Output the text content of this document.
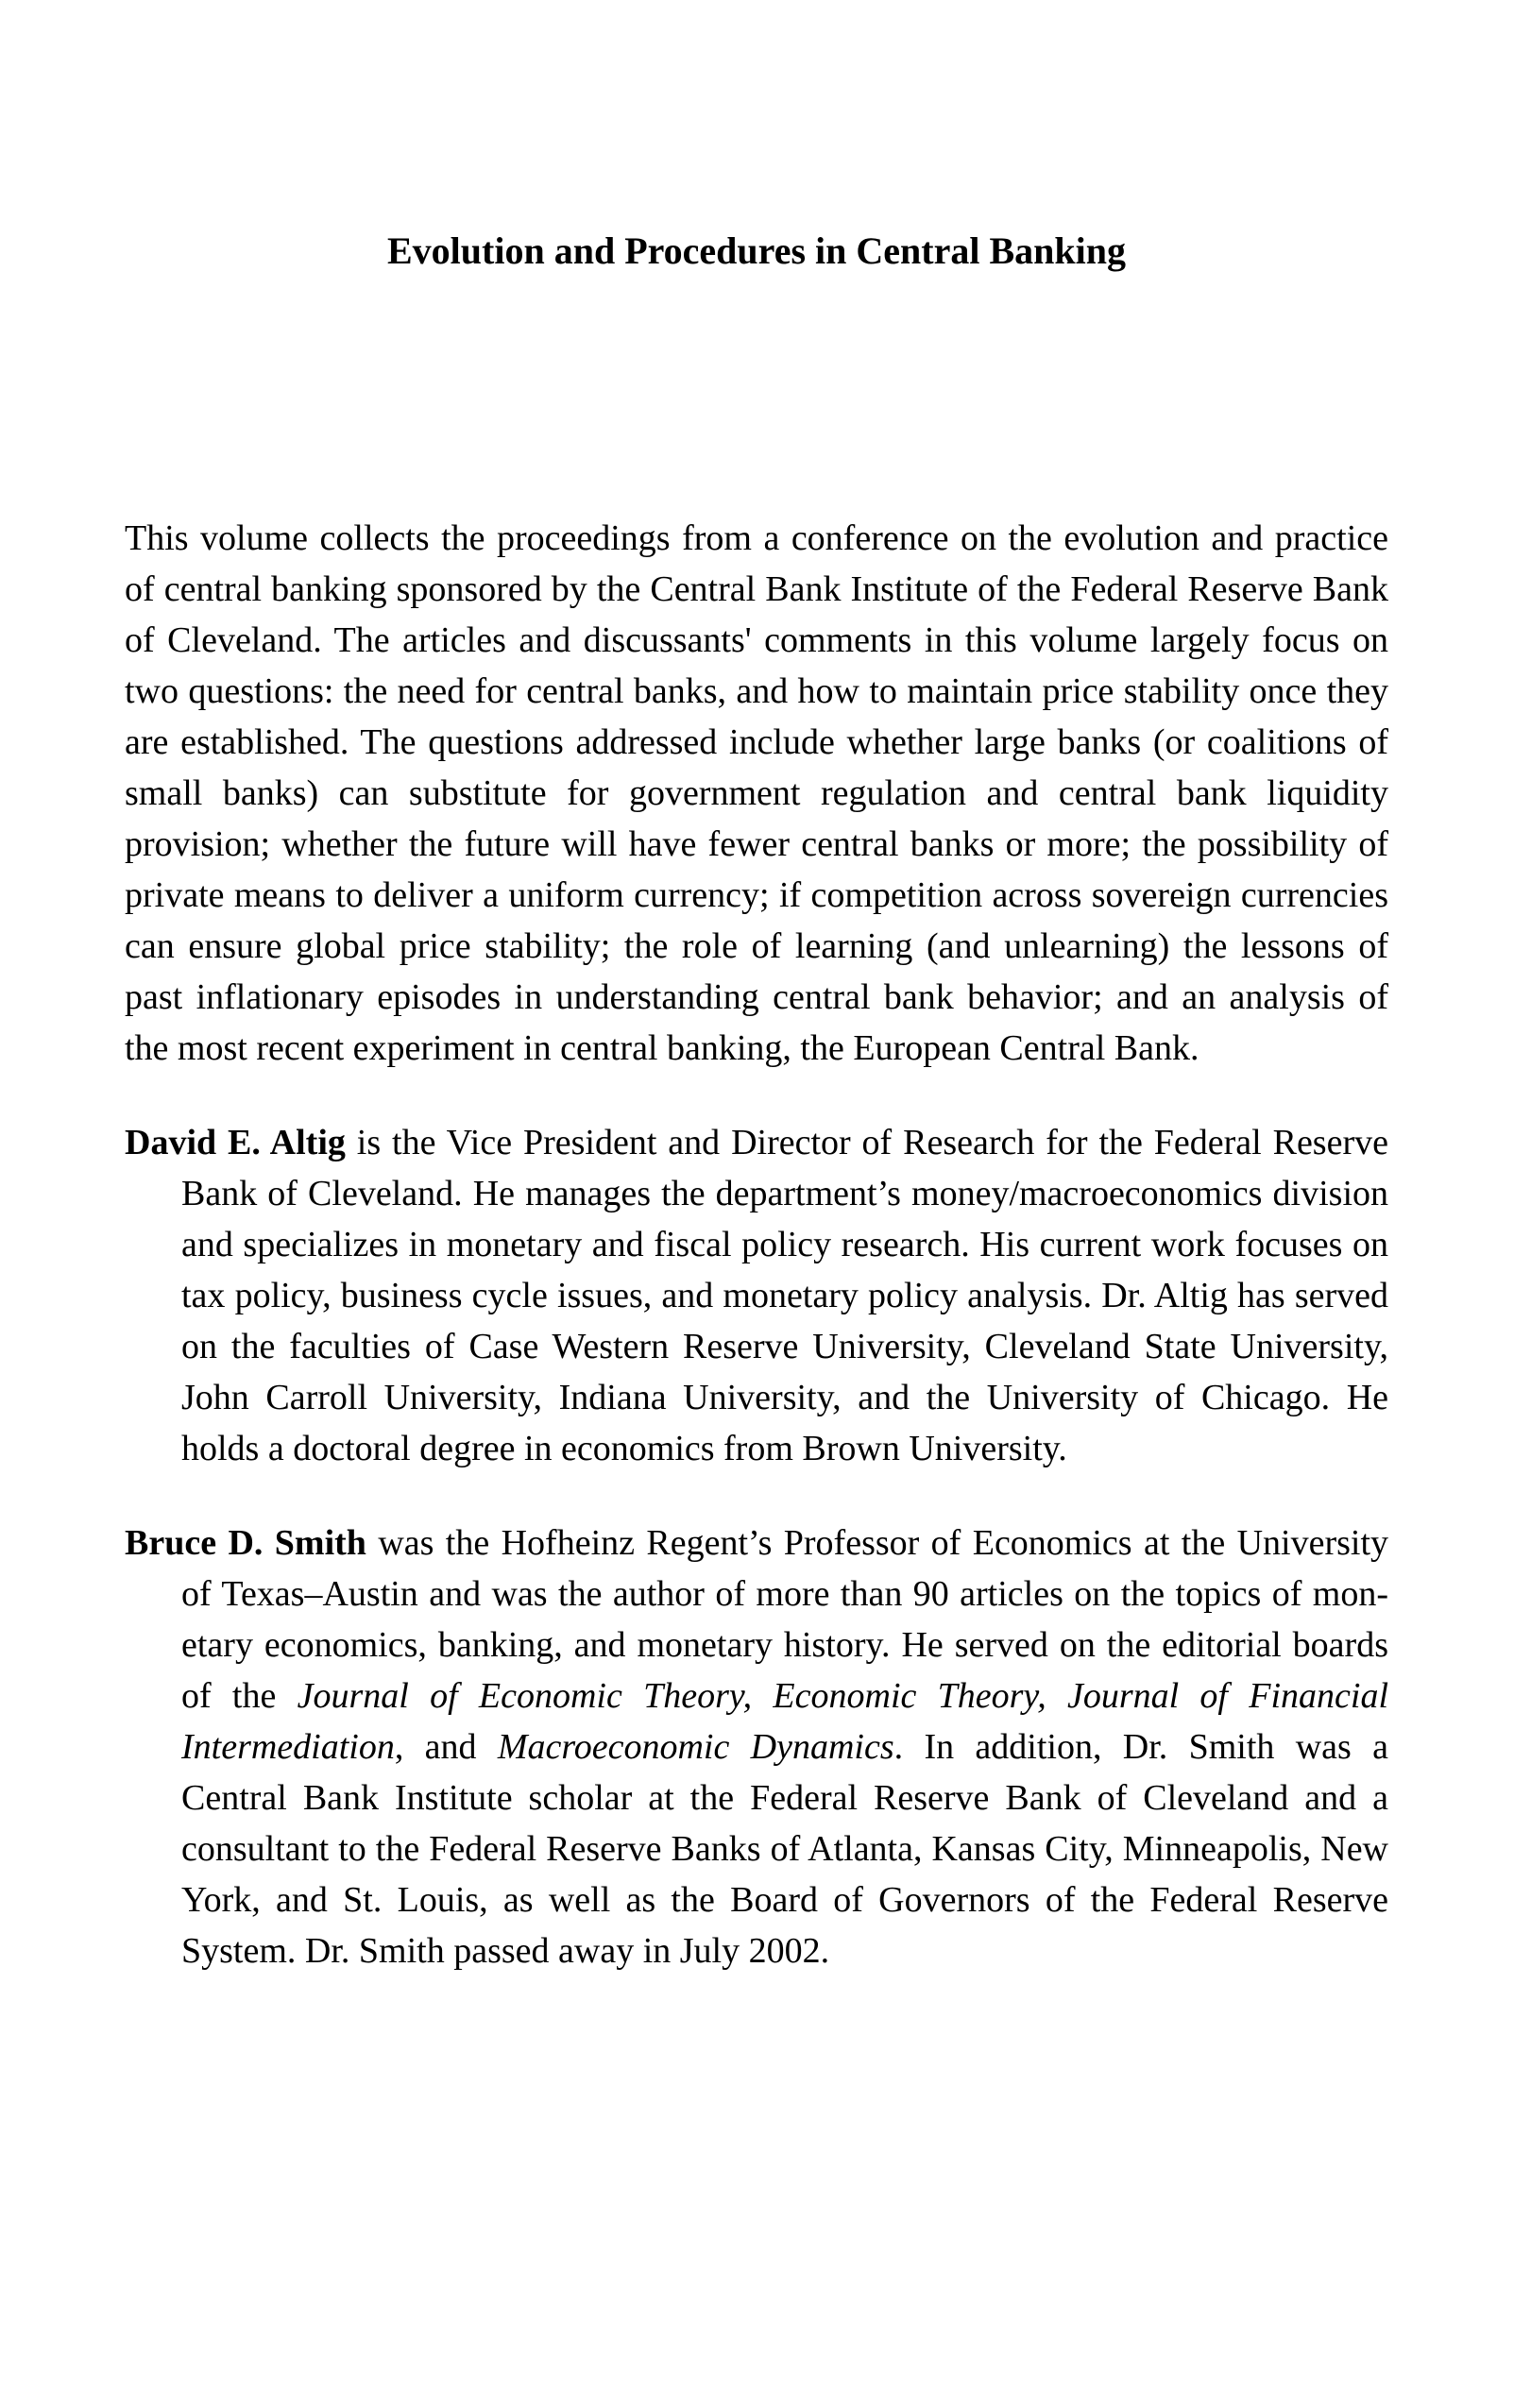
Evolution and Procedures in Central Banking

This volume collects the proceedings from a conference on the evolution and practice of central banking sponsored by the Central Bank Institute of the Federal Reserve Bank of Cleveland. The articles and discussants' comments in this volume largely focus on two questions: the need for central banks, and how to maintain price stability once they are established. The questions addressed include whether large banks (or coalitions of small banks) can substitute for government regulation and central bank liquidity provision; whether the future will have fewer central banks or more; the possibility of private means to deliver a uniform currency; if competition across sovereign currencies can ensure global price stability; the role of learning (and unlearning) the lessons of past inflationary episodes in understanding central bank behavior; and an analysis of the most recent experiment in central banking, the European Central Bank.

David E. Altig is the Vice President and Director of Research for the Federal Reserve Bank of Cleveland. He manages the department’s money/macroeconomics division and specializes in monetary and fiscal policy research. His current work focuses on tax policy, business cycle issues, and monetary policy analysis. Dr. Altig has served on the faculties of Case Western Reserve University, Cleveland State University, John Carroll University, Indiana University, and the University of Chicago. He holds a doctoral degree in economics from Brown University.

Bruce D. Smith was the Hofheinz Regent’s Professor of Economics at the University of Texas–Austin and was the author of more than 90 articles on the topics of monetary economics, banking, and monetary history. He served on the editorial boards of the Journal of Economic Theory, Economic Theory, Journal of Financial Intermediation, and Macroeconomic Dynamics. In addition, Dr. Smith was a Central Bank Institute scholar at the Federal Reserve Bank of Cleveland and a consultant to the Federal Reserve Banks of Atlanta, Kansas City, Minneapolis, New York, and St. Louis, as well as the Board of Governors of the Federal Reserve System. Dr. Smith passed away in July 2002.
